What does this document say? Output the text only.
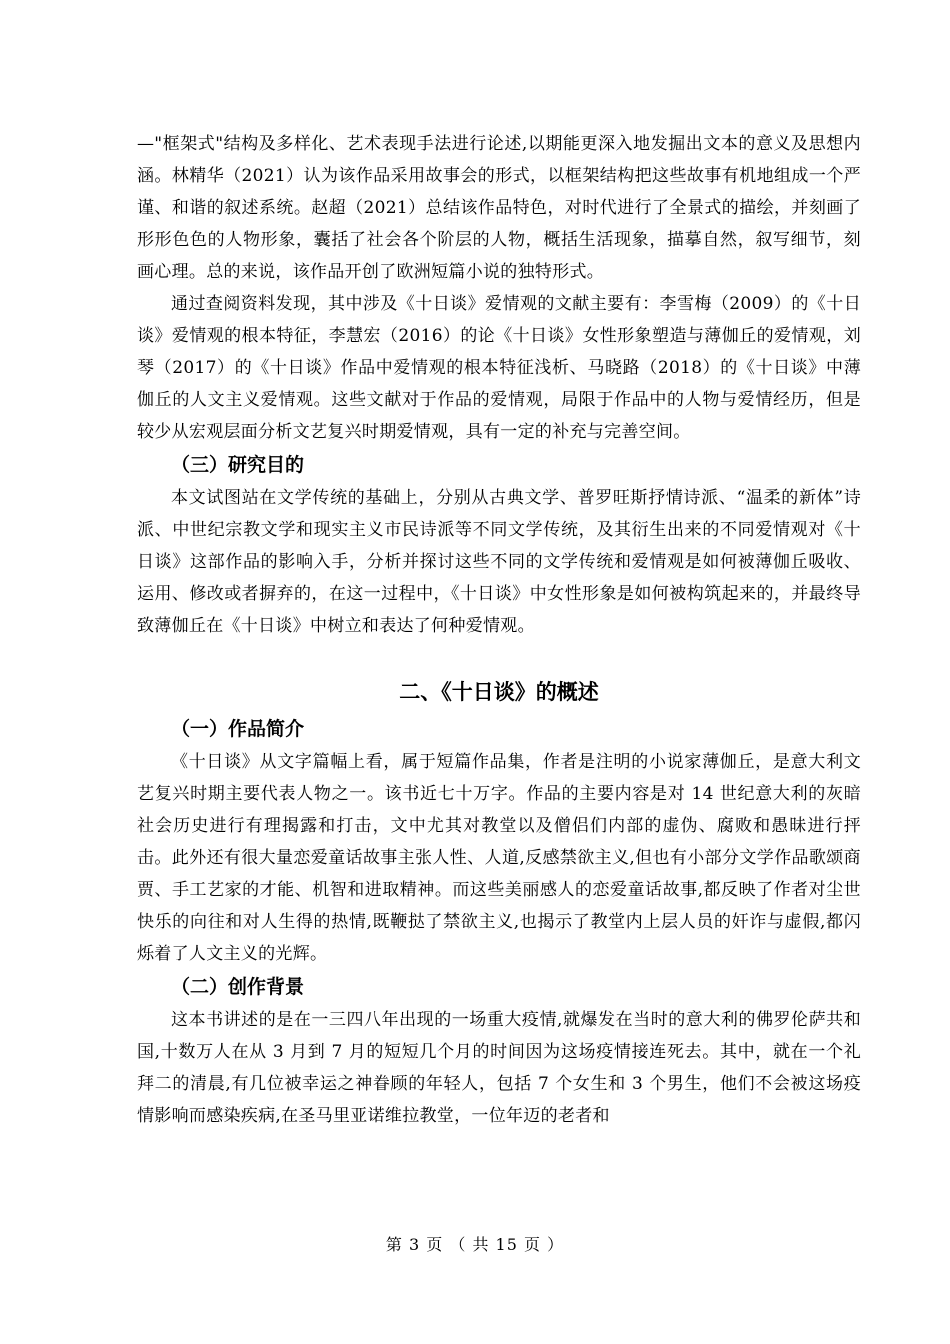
—"框架式"结构及多样化、艺术表现手法进行论述,以期能更深入地发掘出文本的意义及思想内涵。林精华（2021）认为该作品采用故事会的形式，以框架结构把这些故事有机地组成一个严谨、和谐的叙述系统。赵超（2021）总结该作品特色，对时代进行了全景式的描绘，并刻画了形形色色的人物形象，囊括了社会各个阶层的人物，概括生活现象，描摹自然，叙写细节，刻画心理。总的来说，该作品开创了欧洲短篇小说的独特形式。

通过查阅资料发现，其中涉及《十日谈》爱情观的文献主要有：李雪梅（2009）的《十日谈》爱情观的根本特征，李慧宏（2016）的论《十日谈》女性形象塑造与薄伽丘的爱情观，刘琴（2017）的《十日谈》作品中爱情观的根本特征浅析、马晓路（2018）的《十日谈》中薄伽丘的人文主义爱情观。这些文献对于作品的爱情观，局限于作品中的人物与爱情经历，但是较少从宏观层面分析文艺复兴时期爱情观，具有一定的补充与完善空间。

（三）研究目的

本文试图站在文学传统的基础上，分别从古典文学、普罗旺斯抒情诗派、“温柔的新体”诗派、中世纪宗教文学和现实主义市民诗派等不同文学传统，及其衍生出来的不同爱情观对《十日谈》这部作品的影响入手，分析并探讨这些不同的文学传统和爱情观是如何被薄伽丘吸收、运用、修改或者摒弃的，在这一过程中，《十日谈》中女性形象是如何被构筑起来的，并最终导致薄伽丘在《十日谈》中树立和表达了何种爱情观。

二、《十日谈》的概述
（一）作品简介

《十日谈》从文字篇幅上看，属于短篇作品集，作者是注明的小说家薄伽丘，是意大利文艺复兴时期主要代表人物之一。该书近七十万字。作品的主要内容是对 14 世纪意大利的灰暗社会历史进行有理揭露和打击，文中尤其对教堂以及僧侣们内部的虚伪、腐败和愚昧进行抨击。此外还有很大量恋爱童话故事主张人性、人道,反感禁欲主义,但也有小部分文学作品歌颂商贾、手工艺家的才能、机智和进取精神。而这些美丽感人的恋爱童话故事,都反映了作者对尘世快乐的向往和对人生得的热情,既鞭挞了禁欲主义,也揭示了教堂内上层人员的奸诈与虚假,都闪烁着了人文主义的光辉。

（二）创作背景

这本书讲述的是在一三四八年出现的一场重大疫情,就爆发在当时的意大利的佛罗伦萨共和国,十数万人在从 3 月到 7 月的短短几个月的时间因为这场疫情接连死去。其中，就在一个礼拜二的清晨,有几位被幸运之神眷顾的年轻人，包括 7 个女生和 3 个男生，他们不会被这场疫情影响而感染疾病,在圣马里亚诺维拉教堂，一位年迈的老者和

第 3 页 （ 共 15 页 ）
